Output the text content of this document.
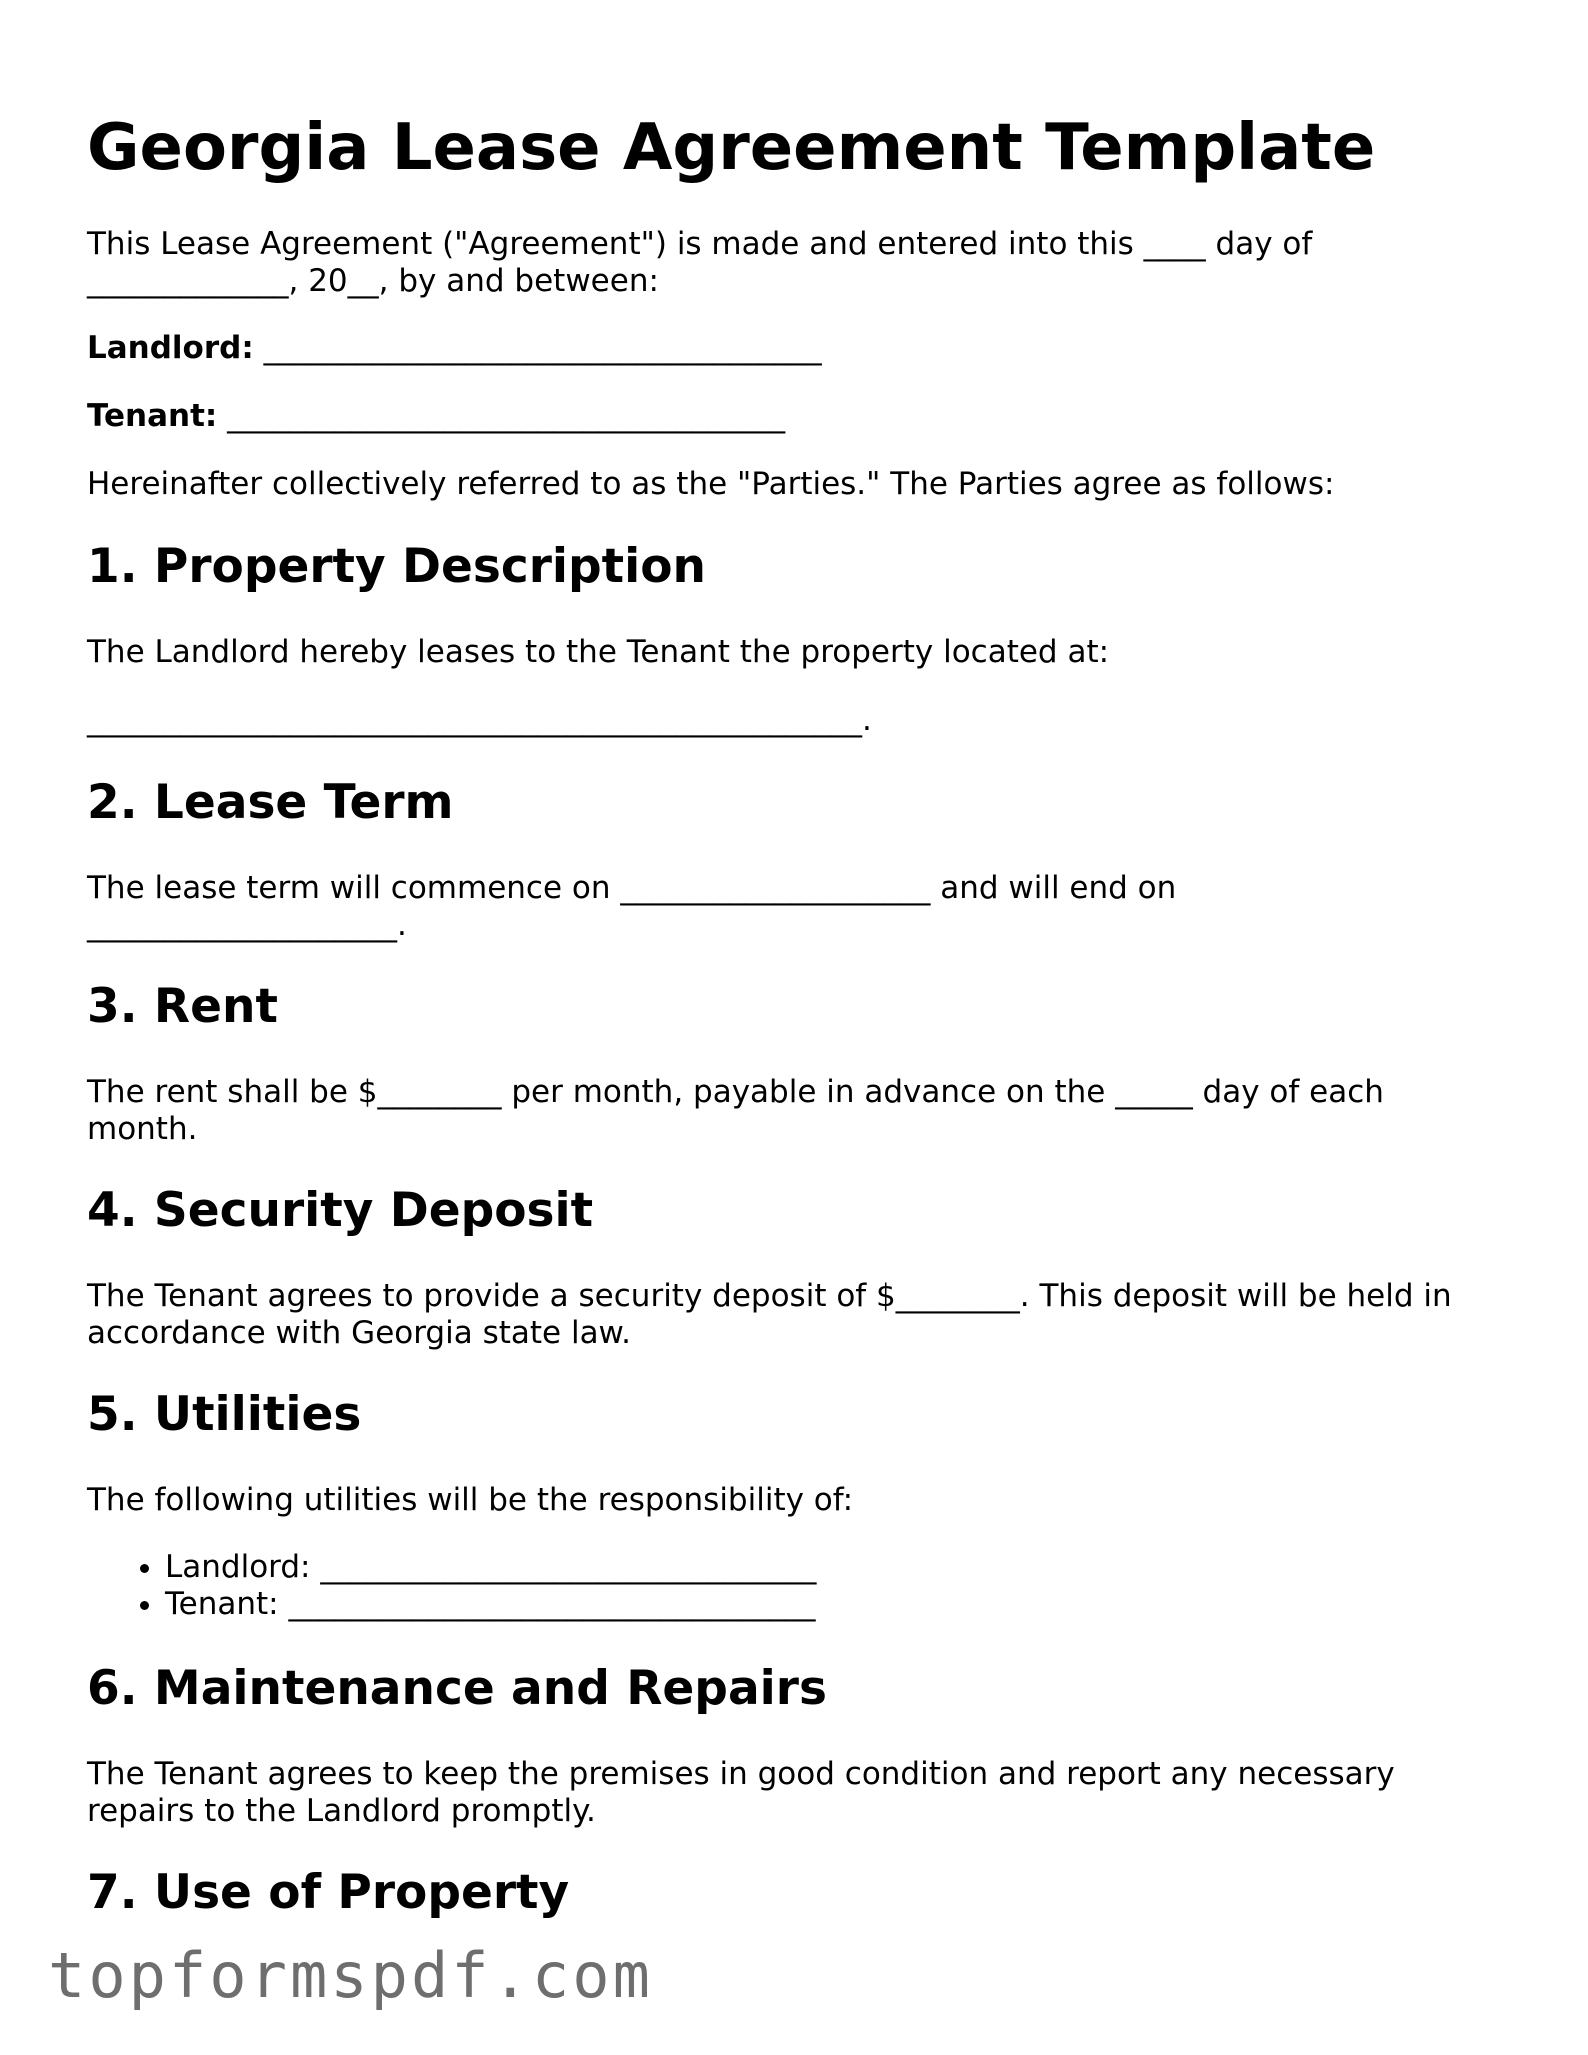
Georgia Lease Agreement Template

This Lease Agreement ("Agreement") is made and entered into this ____ day of _____________, 20__, by and between:

Landlord: ____________________________________

Tenant: ____________________________________

Hereinafter collectively referred to as the "Parties." The Parties agree as follows:

1. Property Description

The Landlord hereby leases to the Tenant the property located at:

__________________________________________________.

2. Lease Term

The lease term will commence on ____________________ and will end on ____________________.

3. Rent

The rent shall be $________ per month, payable in advance on the _____ day of each month.

4. Security Deposit

The Tenant agrees to provide a security deposit of $________. This deposit will be held in accordance with Georgia state law.

5. Utilities

The following utilities will be the responsibility of:

• Landlord: ________________________________
• Tenant: __________________________________
6. Maintenance and Repairs

The Tenant agrees to keep the premises in good condition and report any necessary repairs to the Landlord promptly.

7. Use of Property
topformspdf.com
